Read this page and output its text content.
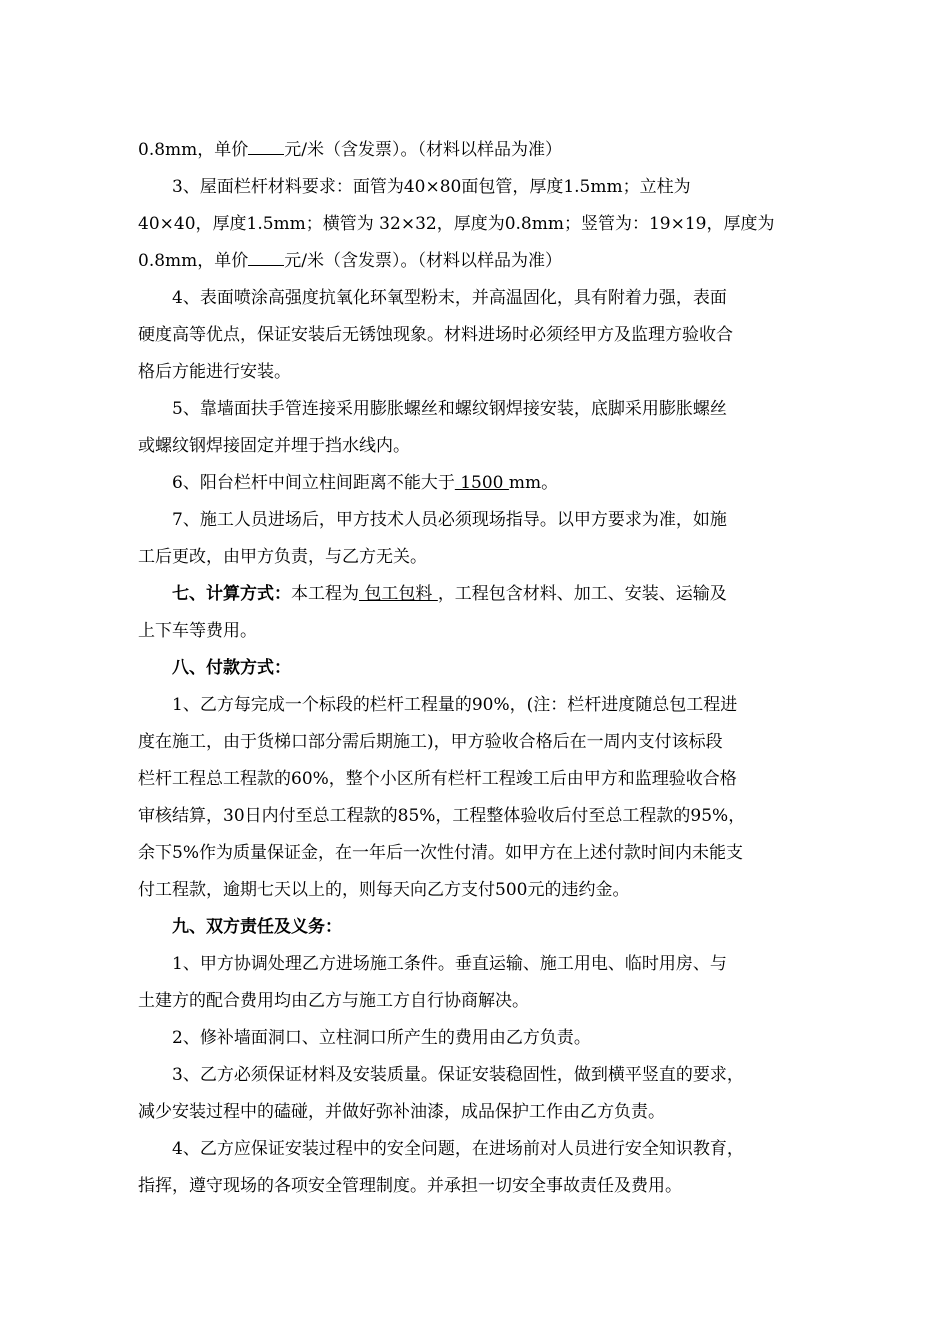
0.8mm，单价 元/米（含发票）。（材料以样品为准）
3、屋面栏杆材料要求：面管为40×80面包管，厚度1.5mm；立柱为
40×40，厚度1.5mm；横管为 32×32，厚度为0.8mm；竖管为：19×19，厚度为
0.8mm，单价 元/米（含发票）。（材料以样品为准）
4、表面喷涂高强度抗氧化环氧型粉末，并高温固化，具有附着力强，表面
硬度高等优点，保证安装后无锈蚀现象。材料进场时必须经甲方及监理方验收合
格后方能进行安装。
5、靠墙面扶手管连接采用膨胀螺丝和螺纹钢焊接安装，底脚采用膨胀螺丝
或螺纹钢焊接固定并埋于挡水线内。
6、阳台栏杆中间立柱间距离不能大于 1500 mm。
7、施工人员进场后，甲方技术人员必须现场指导。以甲方要求为准，如施
工后更改，由甲方负责，与乙方无关。
七、计算方式：本工程为 包工包料 ，工程包含材料、加工、安装、运输及
上下车等费用。
八、付款方式：
1、乙方每完成一个标段的栏杆工程量的90%，(注：栏杆进度随总包工程进
度在施工，由于货梯口部分需后期施工)，甲方验收合格后在一周内支付该标段
栏杆工程总工程款的60%，整个小区所有栏杆工程竣工后由甲方和监理验收合格
审核结算，30日内付至总工程款的85%，工程整体验收后付至总工程款的95%，
余下5%作为质量保证金，在一年后一次性付清。如甲方在上述付款时间内未能支
付工程款，逾期七天以上的，则每天向乙方支付500元的违约金。
九、双方责任及义务：
1、甲方协调处理乙方进场施工条件。垂直运输、施工用电、临时用房、与
土建方的配合费用均由乙方与施工方自行协商解决。
2、修补墙面洞口、立柱洞口所产生的费用由乙方负责。
3、乙方必须保证材料及安装质量。保证安装稳固性，做到横平竖直的要求，
减少安装过程中的磕碰，并做好弥补油漆，成品保护工作由乙方负责。
4、乙方应保证安装过程中的安全问题，在进场前对人员进行安全知识教育，
指挥，遵守现场的各项安全管理制度。并承担一切安全事故责任及费用。
